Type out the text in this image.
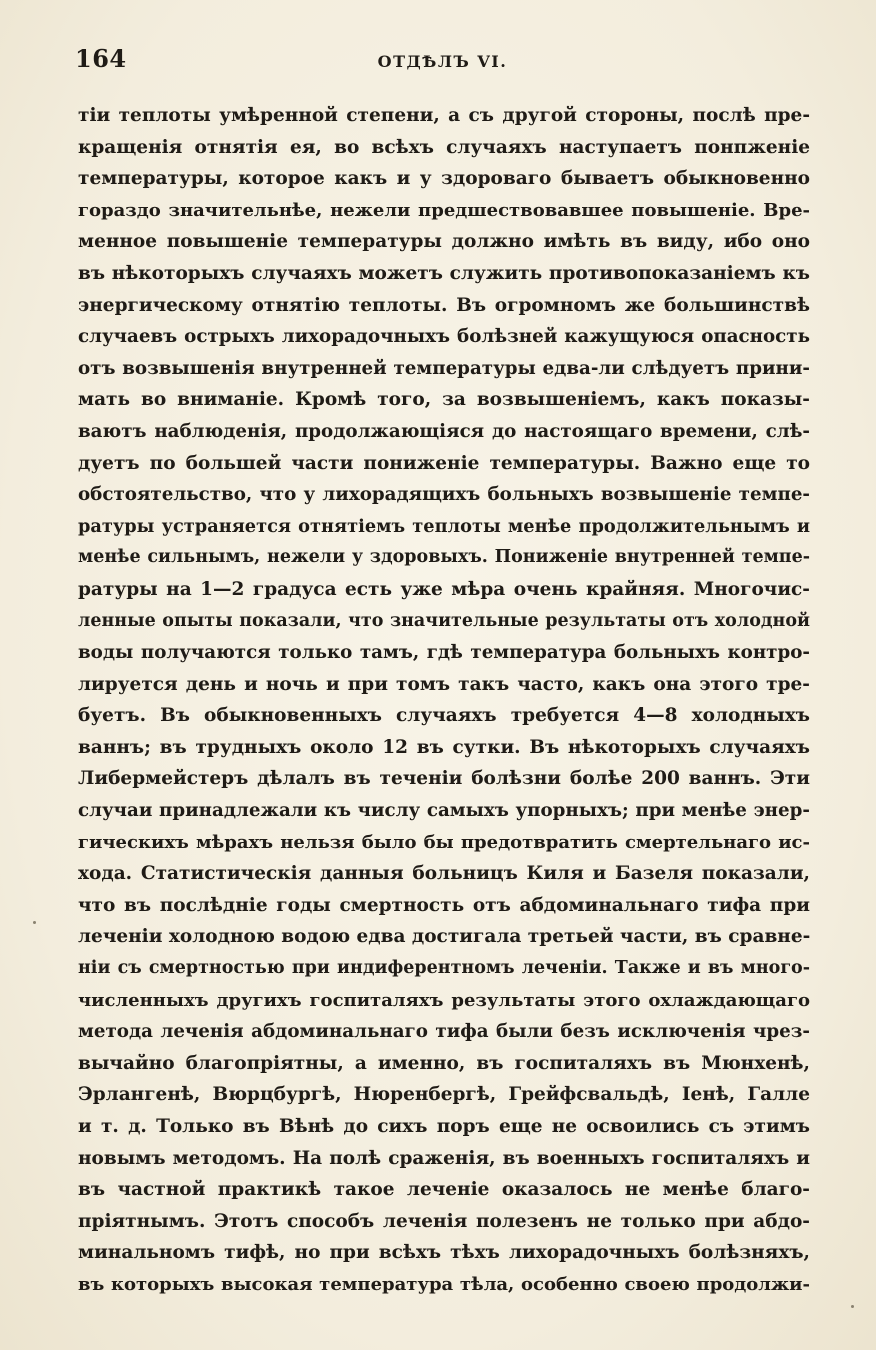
164	ОТДѢЛЪ VI.
тіи теплоты умѣренной степени, а съ другой стороны, послѣ пре-
кращенія отнятія ея, во всѣхъ случаяхъ наступаетъ понпженіе
температуры, которое какъ и у здороваго бываетъ обыкновенно
гораздо значительнѣе, нежели предшествовавшее повышеніе. Вре-
менное повышеніе температуры должно имѣть въ виду, ибо оно
въ нѣкоторыхъ случаяхъ можетъ служить противопоказаніемъ къ
энергическому отнятію теплоты. Въ огромномъ же большинствѣ
случаевъ острыхъ лихорадочныхъ болѣзней кажущуюся опасность
отъ возвышенія внутренней температуры едва-ли слѣдуетъ прини-
мать во вниманіе. Кромѣ того, за возвышеніемъ, какъ показы-
ваютъ наблюденія, продолжающіяся до настоящаго времени, слѣ-
дуетъ по большей части пониженіе температуры. Важно еще то
обстоятельство, что у лихорадящихъ больныхъ возвышеніе темпе-
ратуры устраняется отнятіемъ теплоты менѣе продолжительнымъ и
менѣе сильнымъ, нежели у здоровыхъ. Пониженіе внутренней темпе-
ратуры на 1—2 градуса есть уже мѣра очень крайняя. Многочис-
ленные опыты показали, что значительные результаты отъ холодной
воды получаются только тамъ, гдѣ температура больныхъ контро-
лируется день и ночь и при томъ такъ часто, какъ она этого тре-
буетъ. Въ обыкновенныхъ случаяхъ требуется 4—8 холодныхъ
ваннъ; въ трудныхъ около 12 въ сутки. Въ нѣкоторыхъ случаяхъ
Либермейстеръ дѣлалъ въ теченіи болѣзни болѣе 200 ваннъ. Эти
случаи принадлежали къ числу самыхъ упорныхъ; при менѣе энер-
гическихъ мѣрахъ нельзя было бы предотвратить смертельнаго ис-
хода. Статистическія данныя больницъ Киля и Базеля показали,
что въ послѣдніе годы смертность отъ абдоминальнаго тифа при
леченіи холодною водою едва достигала третьей части, въ сравне-
ніи съ смертностью при индиферентномъ леченіи. Также и въ много-
численныхъ другихъ госпиталяхъ результаты этого охлаждающаго
метода леченія абдоминальнаго тифа были безъ исключенія чрез-
вычайно благопріятны, а именно, въ госпиталяхъ въ Мюнхенѣ,
Эрлангенѣ, Вюрцбургѣ, Нюренбергѣ, Грейфсвальдѣ, Іенѣ, Галле
и т. д. Только въ Вѣнѣ до сихъ поръ еще не освоились съ этимъ
новымъ методомъ. На полѣ сраженія, въ военныхъ госпиталяхъ и
въ частной практикѣ такое леченіе оказалось не менѣе благо-
пріятнымъ. Этотъ способъ леченія полезенъ не только при абдо-
минальномъ тифѣ, но при всѣхъ тѣхъ лихорадочныхъ болѣзняхъ,
въ которыхъ высокая температура тѣла, особенно своею продолжи-
